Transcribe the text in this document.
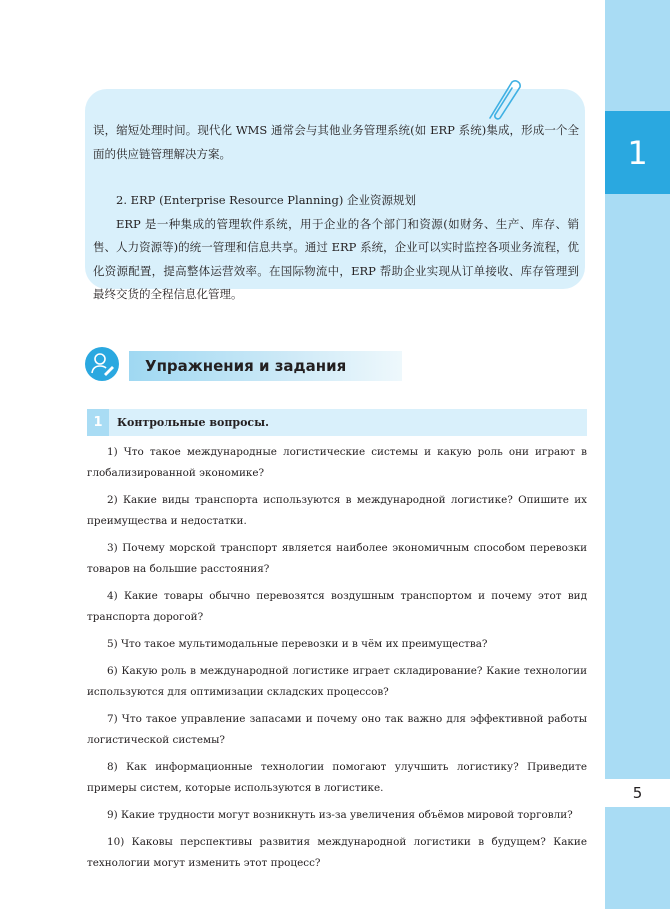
1
5

误，缩短处理时间。现代化 WMS 通常会与其他业务管理系统(如 ERP 系统)集成，形成一个全面的供应链管理解决方案。

2. ERP (Enterprise Resource Planning) 企业资源规划

ERP 是一种集成的管理软件系统，用于企业的各个部门和资源(如财务、生产、库存、销售、人力资源等)的统一管理和信息共享。通过 ERP 系统，企业可以实时监控各项业务流程，优化资源配置，提高整体运营效率。在国际物流中，ERP 帮助企业实现从订单接收、库存管理到最终交货的全程信息化管理。

Упражнения и задания
1	Контрольные вопросы.

1) Что такое международные логистические системы и какую роль они играют в глобализированной экономике?

2) Какие виды транспорта используются в международной логистике? Опишите их преимущества и недостатки.

3) Почему морской транспорт является наиболее экономичным способом перевозки товаров на большие расстояния?

4) Какие товары обычно перевозятся воздушным транспортом и почему этот вид транспорта дорогой?

5) Что такое мультимодальные перевозки и в чём их преимущества?

6) Какую роль в международной логистике играет складирование? Какие технологии используются для оптимизации складских процессов?

7) Что такое управление запасами и почему оно так важно для эффективной работы логистической системы?

8) Как информационные технологии помогают улучшить логистику? Приведите примеры систем, которые используются в логистике.

9) Какие трудности могут возникнуть из-за увеличения объёмов мировой торговли?

10) Каковы перспективы развития международной логистики в будущем? Какие технологии могут изменить этот процесс?
